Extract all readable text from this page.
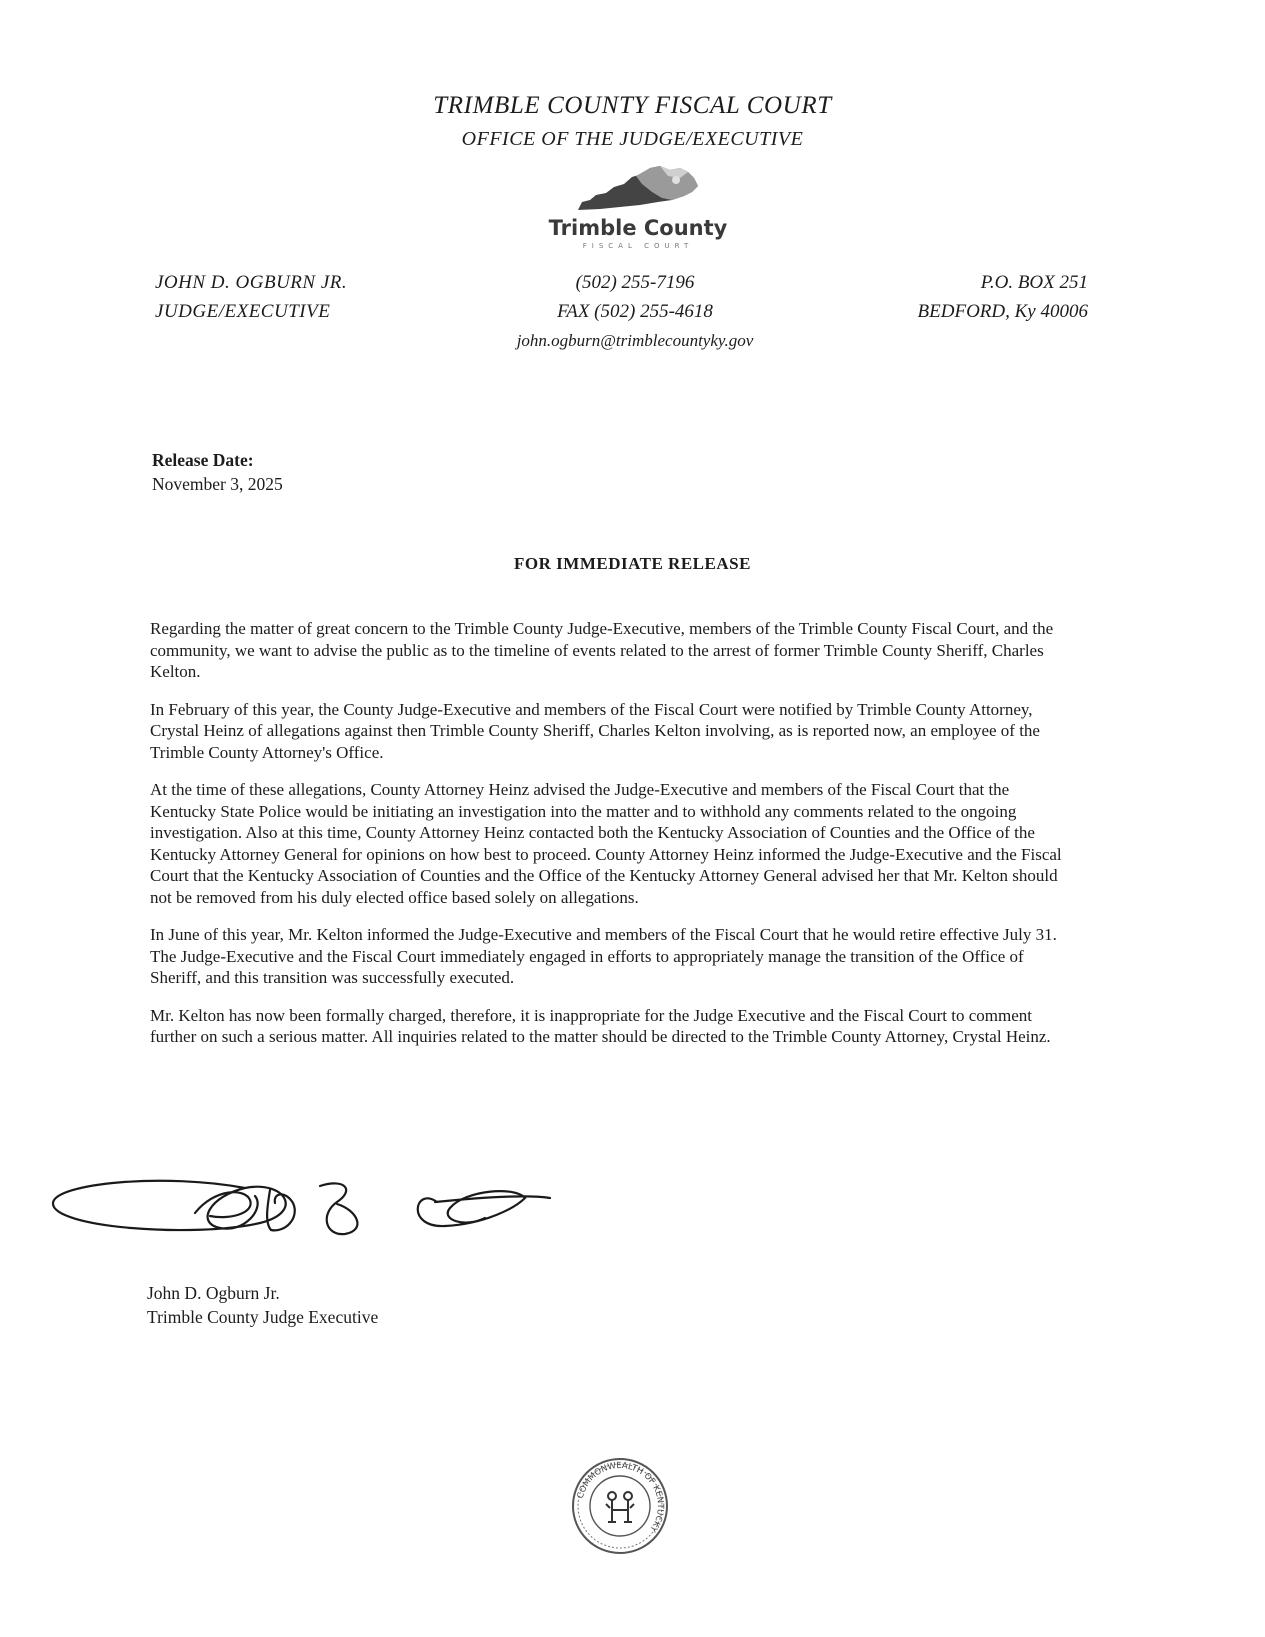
TRIMBLE COUNTY FISCAL COURT
OFFICE OF THE JUDGE/EXECUTIVE
Trimble County
FISCAL COURT
JOHN D. OGBURN JR.
JUDGE/EXECUTIVE
(502) 255-7196
FAX (502) 255-4618
john.ogburn@trimblecountyky.gov
P.O. BOX 251
BEDFORD, Ky 40006
Release Date:
November 3, 2025
FOR IMMEDIATE RELEASE

Regarding the matter of great concern to the Trimble County Judge-Executive, members of the Trimble County Fiscal Court, and the community, we want to advise the public as to the timeline of events related to the arrest of former Trimble County Sheriff, Charles Kelton.

In February of this year, the County Judge-Executive and members of the Fiscal Court were notified by Trimble County Attorney, Crystal Heinz of allegations against then Trimble County Sheriff, Charles Kelton involving, as is reported now, an employee of the Trimble County Attorney's Office.

At the time of these allegations, County Attorney Heinz advised the Judge-Executive and members of the Fiscal Court that the Kentucky State Police would be initiating an investigation into the matter and to withhold any comments related to the ongoing investigation. Also at this time, County Attorney Heinz contacted both the Kentucky Association of Counties and the Office of the Kentucky Attorney General for opinions on how best to proceed. County Attorney Heinz informed the Judge-Executive and the Fiscal Court that the Kentucky Association of Counties and the Office of the Kentucky Attorney General advised her that Mr. Kelton should not be removed from his duly elected office based solely on allegations.

In June of this year, Mr. Kelton informed the Judge-Executive and members of the Fiscal Court that he would retire effective July 31. The Judge-Executive and the Fiscal Court immediately engaged in efforts to appropriately manage the transition of the Office of Sheriff, and this transition was successfully executed.

Mr. Kelton has now been formally charged, therefore, it is inappropriate for the Judge Executive and the Fiscal Court to comment further on such a serious matter. All inquiries related to the matter should be directed to the Trimble County Attorney, Crystal Heinz.

John D. Ogburn Jr.
Trimble County Judge Executive
COMMONWEALTH OF KENTUCKY
